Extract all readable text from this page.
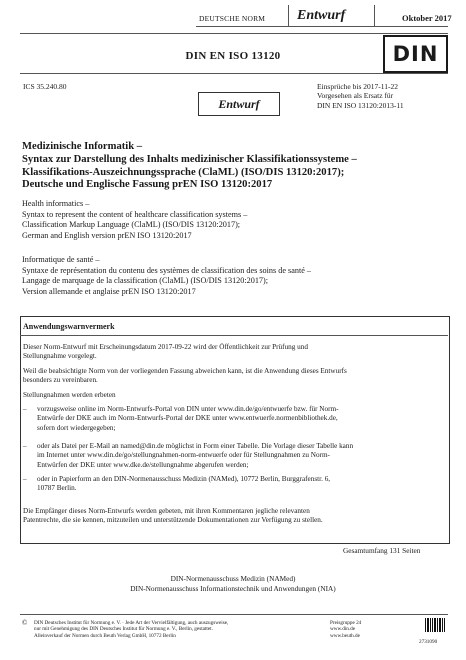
DEUTSCHE NORM Entwurf	Oktober 2017
DIN EN ISO 13120	DIN
ICS 35.240.80	Einsprüche bis 2017-11-22
Vorgesehen als Ersatz für
DIN EN ISO 13120:2013-11
Entwurf
Medizinische Informatik –
Syntax zur Darstellung des Inhalts medizinischer Klassifikationssysteme –
Klassifikations-Auszeichnungssprache (ClaML) (ISO/DIS 13120:2017);
Deutsche und Englische Fassung prEN ISO 13120:2017
Health informatics –
Syntax to represent the content of healthcare classification systems –
Classification Markup Language (ClaML) (ISO/DIS 13120:2017);
German and English version prEN ISO 13120:2017
Informatique de santé –
Syntaxe de représentation du contenu des systèmes de classification des soins de santé –
Langage de marquage de la classification (ClaML) (ISO/DIS 13120:2017);
Version allemande et anglaise prEN ISO 13120:2017
Anwendungswarnvermerk
Dieser Norm-Entwurf mit Erscheinungsdatum 2017-09-22 wird der Öffentlichkeit zur Prüfung und
Stellungnahme vorgelegt.
Weil die beabsichtigte Norm von der vorliegenden Fassung abweichen kann, ist die Anwendung dieses Entwurfs
besonders zu vereinbaren.
Stellungnahmen werden erbeten
– vorzugsweise online im Norm-Entwurfs-Portal von DIN unter www.din.de/go/entwuerfe bzw. für Norm-
Entwürfe der DKE auch im Norm-Entwurfs-Portal der DKE unter www.entwuerfe.normenbibliothek.de,
sofern dort wiedergegeben;
– oder als Datei per E-Mail an named@din.de möglichst in Form einer Tabelle. Die Vorlage dieser Tabelle kann
im Internet unter www.din.de/go/stellungnahmen-norm-entwuerfe oder für Stellungnahmen zu Norm-
Entwürfen der DKE unter www.dke.de/stellungnahme abgerufen werden;
– oder in Papierform an den DIN-Normenausschuss Medizin (NAMed), 10772 Berlin, Burggrafenstr. 6,
10787 Berlin.
Die Empfänger dieses Norm-Entwurfs werden gebeten, mit ihren Kommentaren jegliche relevanten
Patentrechte, die sie kennen, mitzuteilen und unterstützende Dokumentationen zur Verfügung zu stellen.
Gesamtumfang 131 Seiten
DIN-Normenausschuss Medizin (NAMed)
DIN-Normenausschuss Informationstechnik und Anwendungen (NIA)
© DIN Deutsches Institut für Normung e. V. · Jede Art der Vervielfältigung, auch auszugsweise,
nur mit Genehmigung des DIN Deutsches Institut für Normung e. V., Berlin, gestattet.
Alleinverkauf der Normen durch Beuth Verlag GmbH, 10772 Berlin
Preisgruppe 24
www.din.de
www.beuth.de
2731090
